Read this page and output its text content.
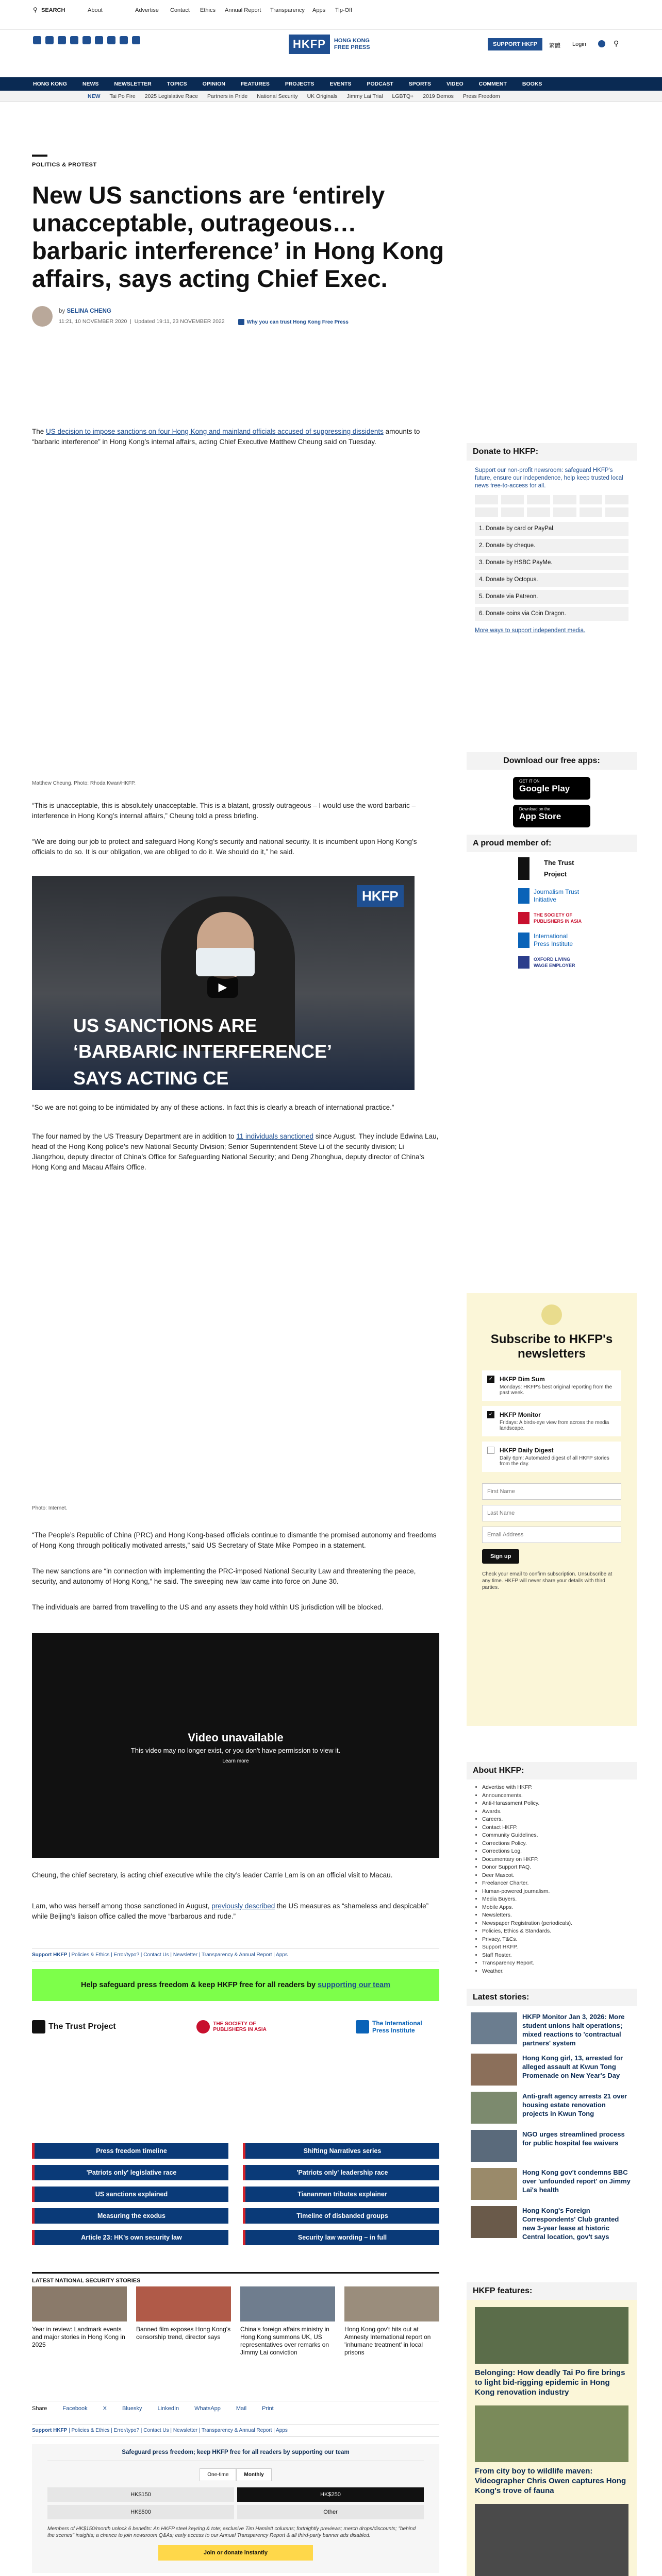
⚲ SEARCH	About	Advertise Contact Ethics Annual Report Transparency Apps Tip-Off
HKFP	HONG KONG
FREE PRESS	SUPPORT HKFP	繁體 Login	⚲
HONG KONG	NEWS	NEWSLETTER	TOPICS	OPINION	FEATURES	PROJECTS	EVENTS	PODCAST	SPORTS	VIDEO	COMMENT	BOOKS
NEW Tai Po Fire 2025 Legislative Race Partners in Pride National Security UK Originals Jimmy Lai Trial LGBTQ+ 2019 Demos Press Freedom
POLITICS & PROTEST
New US sanctions are ‘entirely unacceptable, outrageous… barbaric interference’ in Hong Kong affairs, says acting Chief Exec.
by SELINA CHENG
11:21, 10 NOVEMBER 2020  |  Updated 19:11, 23 NOVEMBER 2022	Why you can trust Hong Kong Free Press

The US decision to impose sanctions on four Hong Kong and mainland officials accused of suppressing dissidents amounts to “barbaric interference” in Hong Kong’s internal affairs, acting Chief Executive Matthew Cheung said on Tuesday.

Matthew Cheung. Photo: Rhoda Kwan/HKFP.

“This is unacceptable, this is absolutely unacceptable. This is a blatant, grossly outrageous – I would use the word barbaric – interference in Hong Kong’s internal affairs,” Cheung told a press briefing.

“We are doing our job to protect and safeguard Hong Kong’s security and national security. It is incumbent upon Hong Kong’s officials to do so. It is our obligation, we are obliged to do it. We should do it,” he said.

HKFP
▶
US SANCTIONS ARE
‘BARBARIC INTERFERENCE’
SAYS ACTING CE

“So we are not going to be intimidated by any of these actions. In fact this is clearly a breach of international practice.”

The four named by the US Treasury Department are in addition to 11 individuals sanctioned since August. They include Edwina Lau, head of the Hong Kong police’s new National Security Division; Senior Superintendent Steve Li of the security division; Li Jiangzhou, deputy director of China’s Office for Safeguarding National Security; and Deng Zhonghua, deputy director of China’s Hong Kong and Macau Affairs Office.

Photo: Internet.

“The People’s Republic of China (PRC) and Hong Kong-based officials continue to dismantle the promised autonomy and freedoms of Hong Kong through politically motivated arrests,” said US Secretary of State Mike Pompeo in a statement.

The new sanctions are “in connection with implementing the PRC-imposed National Security Law and threatening the peace, security, and autonomy of Hong Kong,” he said. The sweeping new law came into force on June 30.

The individuals are barred from travelling to the US and any assets they hold within US jurisdiction will be blocked.

Video unavailable
This video may no longer exist, or you don't have permission to view it.
Learn more

Cheung, the chief secretary, is acting chief executive while the city’s leader Carrie Lam is on an official visit to Macau.

Lam, who was herself among those sanctioned in August, previously described the US measures as “shameless and despicable” while Beijing’s liaison office called the move “barbarous and rude.”

Support HKFP | Policies & Ethics | Error/typo? | Contact Us | Newsletter | Transparency & Annual Report | Apps
Help safeguard press freedom & keep HKFP free for all readers by supporting our team
The Trust Project	THE SOCIETY OF PUBLISHERS IN ASIA
The International Press Institute
Press freedom timeline	Shifting Narratives series
'Patriots only' legislative race	'Patriots only' leadership race
US sanctions explained	Tiananmen tributes explainer
Measuring the exodus	Timeline of disbanded groups
Article 23: HK's own security law	Security law wording – in full
LATEST NATIONAL SECURITY STORIES
Year in review: Landmark events and major stories in Hong Kong in 2025
Banned film exposes Hong Kong's censorship trend, director says
China's foreign affairs ministry in Hong Kong summons UK, US representatives over remarks on Jimmy Lai conviction
Hong Kong gov't hits out at Amnesty International report on 'inhumane treatment' in local prisons
Share	Facebook	X	Bluesky	LinkedIn	WhatsApp	Mail	Print
Support HKFP | Policies & Ethics | Error/typo? | Contact Us | Newsletter | Transparency & Annual Report | Apps
Safeguard press freedom; keep HKFP free for all readers by supporting our team
One-time	Monthly
HK$150	HK$250
HK$500	Other
Members of HK$150/month unlock 6 benefits: An HKFP steel keyring & tote; exclusive Tim Hamlett columns; fortnightly previews; merch drops/discounts; "behind the scenes" insights; a chance to join newsroom Q&As; early access to our Annual Transparency Report & all third-party banner ads disabled.
Join or donate instantly
Donate to HKFP:
Support our non-profit newsroom: safeguard HKFP's future, ensure our independence, help keep trusted local news free-to-access for all.
1. Donate by card or PayPal.
2. Donate by cheque.
3. Donate by HSBC PayMe.
4. Donate by Octopus.
5. Donate via Patreon.
6. Donate coins via Coin Dragon.
More ways to support independent media.
Download our free apps:
GET IT ON
Google Play
Download on the
App Store
A proud member of:
The Trust Project
Journalism Trust Initiative
THE SOCIETY OF PUBLISHERS IN ASIA
International Press Institute
OXFORD LIVING WAGE EMPLOYER
Subscribe to HKFP's newsletters
✓ HKFP Dim Sum
Mondays: HKFP's best original reporting from the past week.
✓ HKFP Monitor
Fridays: A birds-eye view from across the media landscape.
HKFP Daily Digest
Daily 6pm: Automated digest of all HKFP stories from the day.
First Name
Last Name
Email Address Sign up
Check your email to confirm subscription. Unsubscribe at any time. HKFP will never share your details with third parties.
About HKFP:
• Advertise with HKFP.
• Announcements.
• Anti-Harassment Policy.
• Awards.
• Careers.
• Contact HKFP.
• Community Guidelines.
• Corrections Policy.
• Corrections Log.
• Documentary on HKFP.
• Donor Support FAQ.
• Deer Mascot.
• Freelancer Charter.
• Human-powered journalism.
• Media Buyers.
• Mobile Apps.
• Newsletters.
• Newspaper Registration (periodicals).
• Policies, Ethics & Standards.
• Privacy, T&Cs.
• Support HKFP.
• Staff Roster.
• Transparency Report.
• Weather.
Latest stories:
HKFP Monitor Jan 3, 2026: More student unions halt operations; mixed reactions to 'contractual partners' system
Hong Kong girl, 13, arrested for alleged assault at Kwun Tong Promenade on New Year's Day
Anti-graft agency arrests 21 over housing estate renovation projects in Kwun Tong
NGO urges streamlined process for public hospital fee waivers
Hong Kong gov't condemns BBC over 'unfounded report' on Jimmy Lai's health
Hong Kong's Foreign Correspondents' Club granted new 3-year lease at historic Central location, gov't says
HKFP features:
Belonging: How deadly Tai Po fire brings to light bid-rigging epidemic in Hong Kong renovation industry
From city boy to wildlife maven: Videographer Chris Owen captures Hong Kong's trove of fauna
